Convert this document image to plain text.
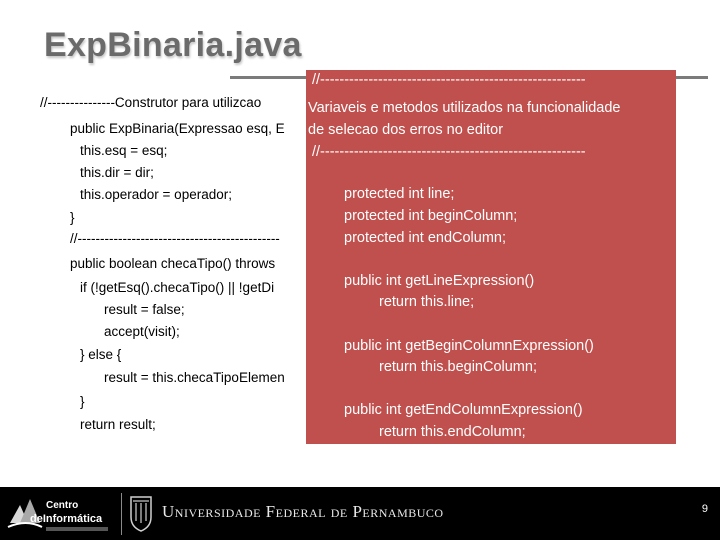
ExpBinaria.java
//---------------Construtor para utilizcao
public ExpBinaria(Expressao esq, E
this.esq = esq;
this.dir = dir;
this.operador = operador;
}
//---------------------------------------------
public boolean checaTipo() throws
if (!getEsq().checaTipo() || !getDi
result = false;
accept(visit);
} else {
result = this.checaTipoElemen
}
return result;
//-------------------------------------------------------
Variaveis e metodos utilizados na funcionalidade
de selecao dos erros no editor
//-------------------------------------------------------
protected int line;
protected int beginColumn;
protected int endColumn;
public int getLineExpression()
return this.line;
public int getBeginColumnExpression()
return this.beginColumn;
public int getEndColumnExpression()
return this.endColumn;
Centro
deInformática	Universidade Federal de Pernambuco	9
